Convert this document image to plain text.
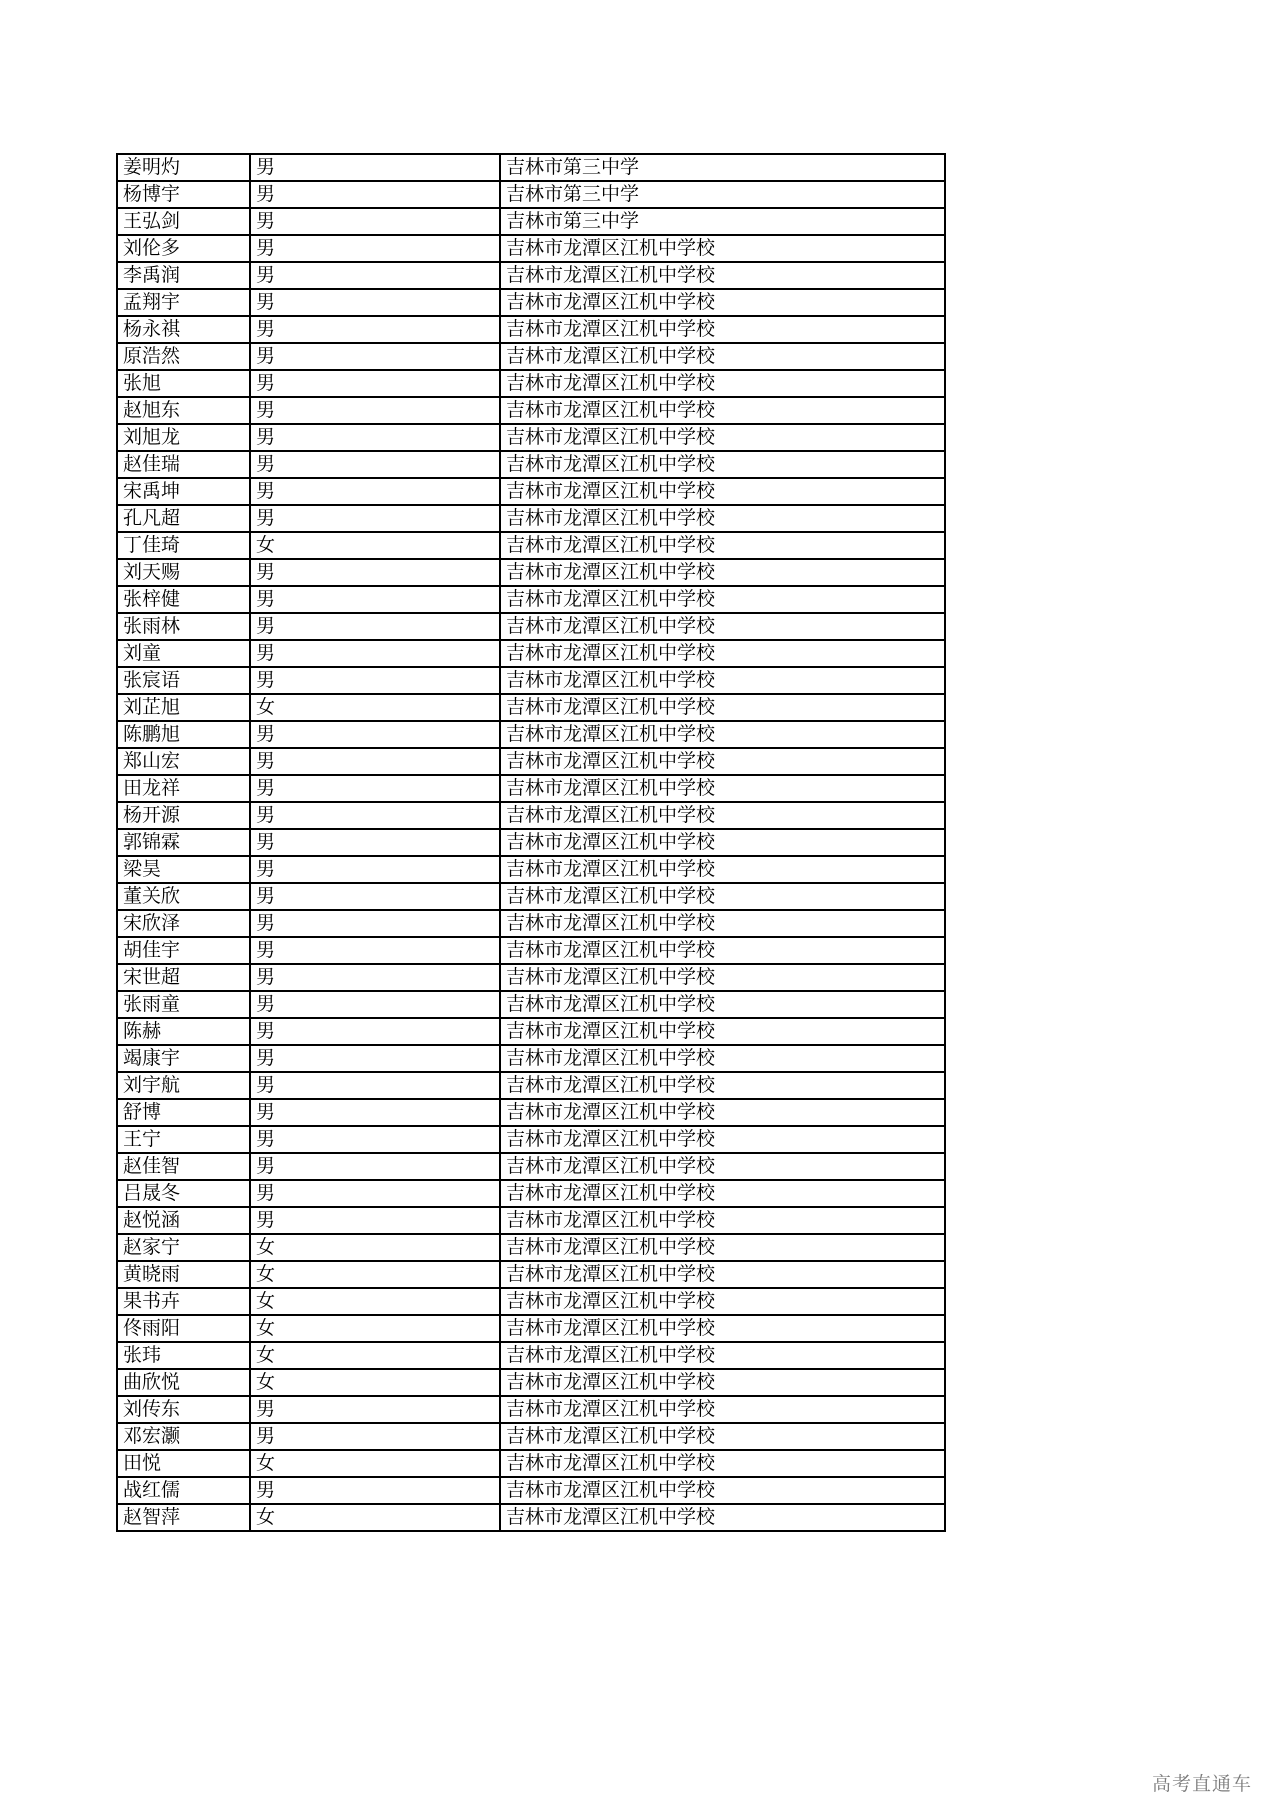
姜明灼	男	吉林市第三中学
杨博宇	男	吉林市第三中学
王弘剑	男	吉林市第三中学
刘伦多	男	吉林市龙潭区江机中学校
李禹润	男	吉林市龙潭区江机中学校
孟翔宇	男	吉林市龙潭区江机中学校
杨永祺	男	吉林市龙潭区江机中学校
原浩然	男	吉林市龙潭区江机中学校
张旭	男	吉林市龙潭区江机中学校
赵旭东	男	吉林市龙潭区江机中学校
刘旭龙	男	吉林市龙潭区江机中学校
赵佳瑞	男	吉林市龙潭区江机中学校
宋禹坤	男	吉林市龙潭区江机中学校
孔凡超	男	吉林市龙潭区江机中学校
丁佳琦	女	吉林市龙潭区江机中学校
刘天赐	男	吉林市龙潭区江机中学校
张梓健	男	吉林市龙潭区江机中学校
张雨林	男	吉林市龙潭区江机中学校
刘童	男	吉林市龙潭区江机中学校
张宸语	男	吉林市龙潭区江机中学校
刘芷旭	女	吉林市龙潭区江机中学校
陈鹏旭	男	吉林市龙潭区江机中学校
郑山宏	男	吉林市龙潭区江机中学校
田龙祥	男	吉林市龙潭区江机中学校
杨开源	男	吉林市龙潭区江机中学校
郭锦霖	男	吉林市龙潭区江机中学校
梁昊	男	吉林市龙潭区江机中学校
董关欣	男	吉林市龙潭区江机中学校
宋欣泽	男	吉林市龙潭区江机中学校
胡佳宇	男	吉林市龙潭区江机中学校
宋世超	男	吉林市龙潭区江机中学校
张雨童	男	吉林市龙潭区江机中学校
陈赫	男	吉林市龙潭区江机中学校
竭康宇	男	吉林市龙潭区江机中学校
刘宇航	男	吉林市龙潭区江机中学校
舒博	男	吉林市龙潭区江机中学校
王宁	男	吉林市龙潭区江机中学校
赵佳智	男	吉林市龙潭区江机中学校
吕晟冬	男	吉林市龙潭区江机中学校
赵悦涵	男	吉林市龙潭区江机中学校
赵家宁	女	吉林市龙潭区江机中学校
黄晓雨	女	吉林市龙潭区江机中学校
果书卉	女	吉林市龙潭区江机中学校
佟雨阳	女	吉林市龙潭区江机中学校
张玮	女	吉林市龙潭区江机中学校
曲欣悦	女	吉林市龙潭区江机中学校
刘传东	男	吉林市龙潭区江机中学校
邓宏灏	男	吉林市龙潭区江机中学校
田悦	女	吉林市龙潭区江机中学校
战红儒	男	吉林市龙潭区江机中学校
赵智萍	女	吉林市龙潭区江机中学校
高考直通车
